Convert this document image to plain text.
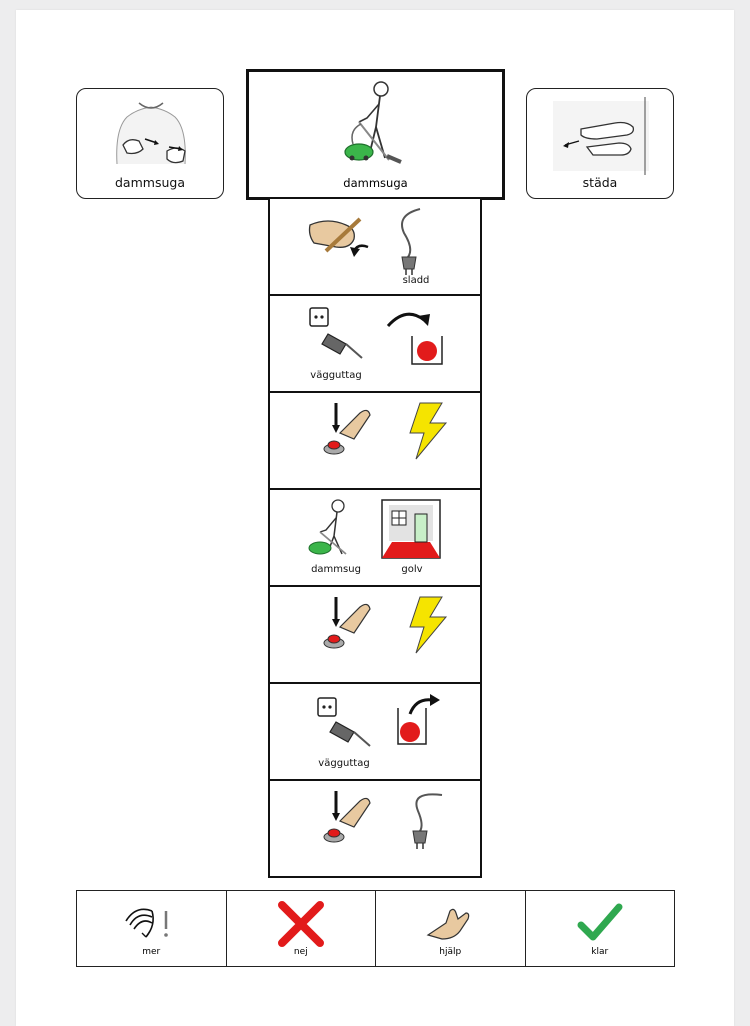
dammsuga	dammsuga	städa
sladd
vägguttag
dammsug	golv
vägguttag
mer	nej	hjälp	klar
